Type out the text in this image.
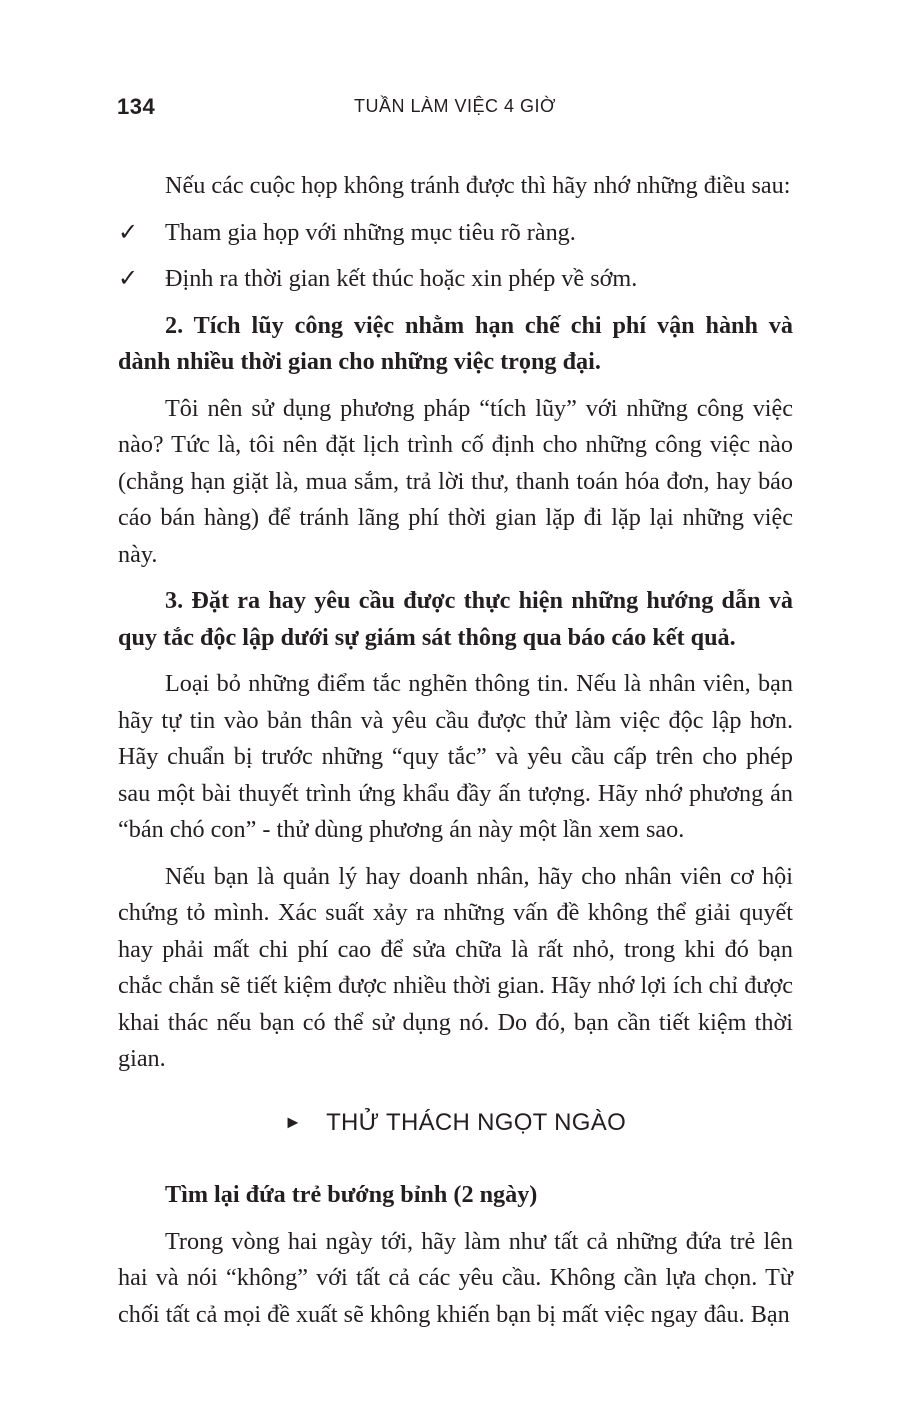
134	TUẦN LÀM VIỆC 4 GIỜ

Nếu các cuộc họp không tránh được thì hãy nhớ những điều sau:

✓	Tham gia họp với những mục tiêu rõ ràng.
✓	Định ra thời gian kết thúc hoặc xin phép về sớm.

2. Tích lũy công việc nhằm hạn chế chi phí vận hành và dành nhiều thời gian cho những việc trọng đại.

Tôi nên sử dụng phương pháp “tích lũy” với những công việc nào? Tức là, tôi nên đặt lịch trình cố định cho những công việc nào (chẳng hạn giặt là, mua sắm, trả lời thư, thanh toán hóa đơn, hay báo cáo bán hàng) để tránh lãng phí thời gian lặp đi lặp lại những việc này.

3. Đặt ra hay yêu cầu được thực hiện những hướng dẫn và quy tắc độc lập dưới sự giám sát thông qua báo cáo kết quả.

Loại bỏ những điểm tắc nghẽn thông tin. Nếu là nhân viên, bạn hãy tự tin vào bản thân và yêu cầu được thử làm việc độc lập hơn. Hãy chuẩn bị trước những “quy tắc” và yêu cầu cấp trên cho phép sau một bài thuyết trình ứng khẩu đầy ấn tượng. Hãy nhớ phương án “bán chó con” - thử dùng phương án này một lần xem sao.

Nếu bạn là quản lý hay doanh nhân, hãy cho nhân viên cơ hội chứng tỏ mình. Xác suất xảy ra những vấn đề không thể giải quyết hay phải mất chi phí cao để sửa chữa là rất nhỏ, trong khi đó bạn chắc chắn sẽ tiết kiệm được nhiều thời gian. Hãy nhớ lợi ích chỉ được khai thác nếu bạn có thể sử dụng nó. Do đó, bạn cần tiết kiệm thời gian.

► THỬ THÁCH NGỌT NGÀO

Tìm lại đứa trẻ bướng bỉnh (2 ngày)

Trong vòng hai ngày tới, hãy làm như tất cả những đứa trẻ lên hai và nói “không” với tất cả các yêu cầu. Không cần lựa chọn. Từ chối tất cả mọi đề xuất sẽ không khiến bạn bị mất việc ngay đâu. Bạn
